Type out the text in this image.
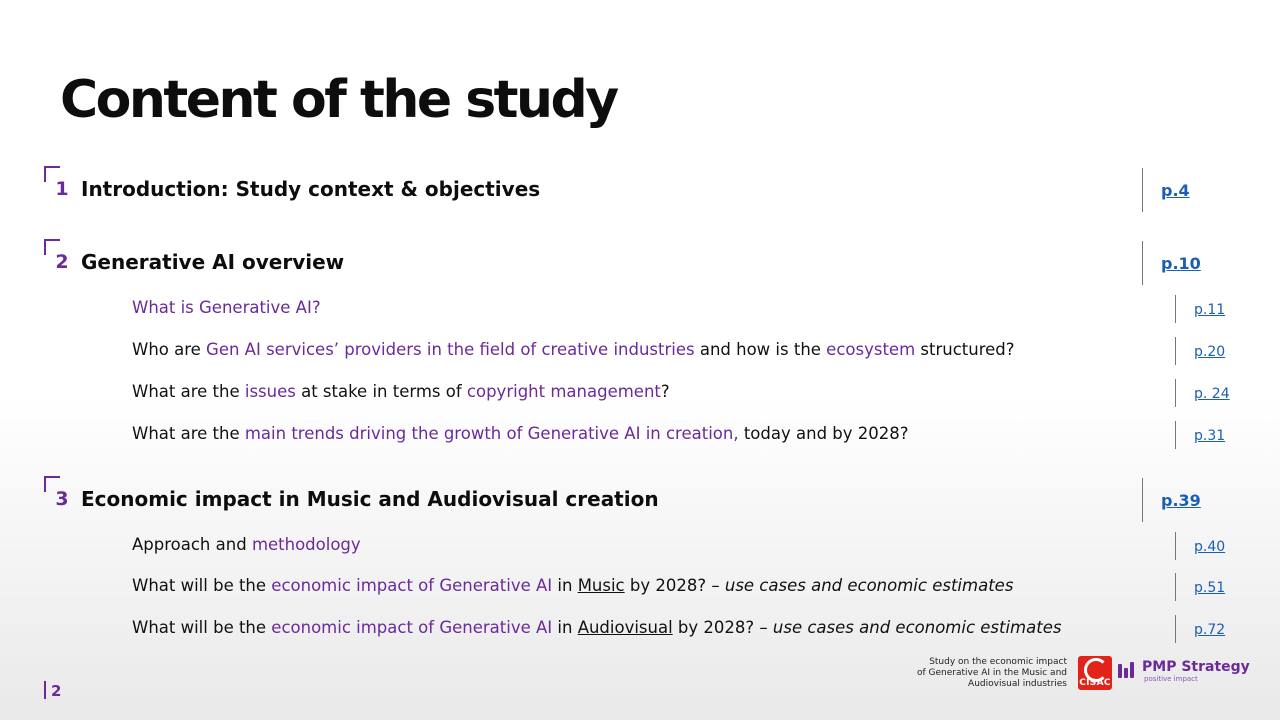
Content of the study
1 Introduction: Study context & objectives	p.4
2 Generative AI overview	p.10
What is Generative AI?	p.11
Who are Gen AI services’ providers in the field of creative industries and how is the ecosystem structured?	p.20
What are the issues at stake in terms of copyright management?	p. 24
What are the main trends driving the growth of Generative AI in creation, today and by 2028?	p.31
3 Economic impact in Music and Audiovisual creation	p.39
Approach and methodology	p.40
What will be the economic impact of Generative AI in Music by 2028? – use cases and economic estimates	p.51
What will be the economic impact of Generative AI in Audiovisual by 2028? – use cases and economic estimates	p.72
2
Study on the economic impact
of Generative AI in the Music and
Audiovisual industries CISAC
PMP Strategy
positive impact
